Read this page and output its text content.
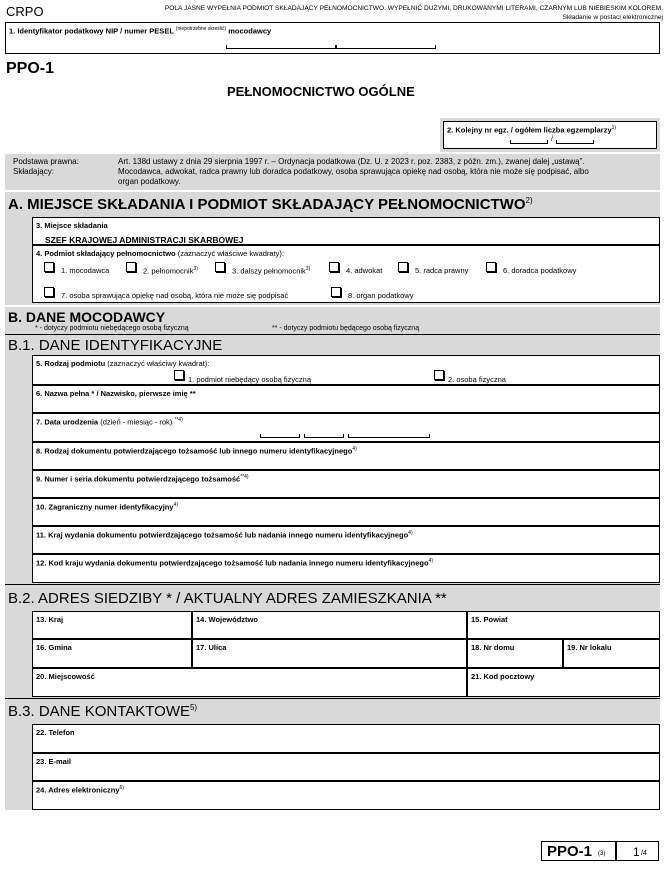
CRPO	POLA JASNE WYPEŁNIA PODMIOT SKŁADAJĄCY PEŁNOMOCNICTWO. WYPEŁNIĆ DUŻYMI, DRUKOWANYMI LITERAMI, CZARNYM LUB NIEBIESKIM KOLOREM.
Składanie w postaci elektronicznej
1. Identyfikator podatkowy NIP / numer PESEL $^{(niepotrzebne skreślić)}$ mocodawcy
PPO-1
PEŁNOMOCNICTWO OGÓLNE
2. Kolejny nr egz. / ogółem liczba egzemplarzy$^{1)}$
/
Podstawa prawna:	Art. 138d ustawy z dnia 29 sierpnia 1997 r. – Ordynacja podatkowa (Dz. U. z 2023 r. poz. 2383, z późn. zm.), zwanej dalej „ustawą”.
Składający:	Mocodawca, adwokat, radca prawny lub doradca podatkowy, osoba sprawująca opiekę nad osobą, która nie może się podpisać, albo
organ podatkowy.
A. MIEJSCE SKŁADANIA I PODMIOT SKŁADAJĄCY PEŁNOMOCNICTWO$^{2)}$
3. Miejsce składania
SZEF KRAJOWEJ ADMINISTRACJI SKARBOWEJ
4. Podmiot składający pełnomocnictwo (zaznaczyć właściwe kwadraty):
1. mocodawca	2. pełnomocnik$^{3)}$	3. dalszy pełnomocnik$^{3)}$	4. adwokat	5. radca prawny	6. doradca podatkowy
7. osoba sprawująca opiekę nad osobą, która nie może się podpisać	8. organ podatkowy
B. DANE MOCODAWCY
* - dotyczy podmiotu niebędącego osobą fizyczną	** - dotyczy podmiotu będącego osobą fizyczną
B.1. DANE IDENTYFIKACYJNE
5. Rodzaj podmiotu (zaznaczyć właściwy kwadrat):
1. podmiot niebędący osobą fizyczną	2. osoba fizyczna
6. Nazwa pełna * / Nazwisko, pierwsze imię **
7. Data urodzenia (dzień - miesiąc - rok) $^{**4)}$
8. Rodzaj dokumentu potwierdzającego tożsamość lub innego numeru identyfikacyjnego$^{4)}$
9. Numer i seria dokumentu potwierdzającego tożsamość$^{**4)}$
10. Zagraniczny numer identyfikacyjny$^{4)}$
11. Kraj wydania dokumentu potwierdzającego tożsamość lub nadania innego numeru identyfikacyjnego$^{4)}$
12. Kod kraju wydania dokumentu potwierdzającego tożsamość lub nadania innego numeru identyfikacyjnego$^{4)}$
B.2. ADRES SIEDZIBY * / AKTUALNY ADRES ZAMIESZKANIA **
13. Kraj	14. Województwo	15. Powiat
16. Gmina	17. Ulica	18. Nr domu	19. Nr lokalu
20. Miejscowość	21. Kod pocztowy
B.3. DANE KONTAKTOWE$^{5)}$
22. Telefon
23. E-mail
24. Adres elektroniczny$^{6)}$
PPO-1 (3) 1 /4
